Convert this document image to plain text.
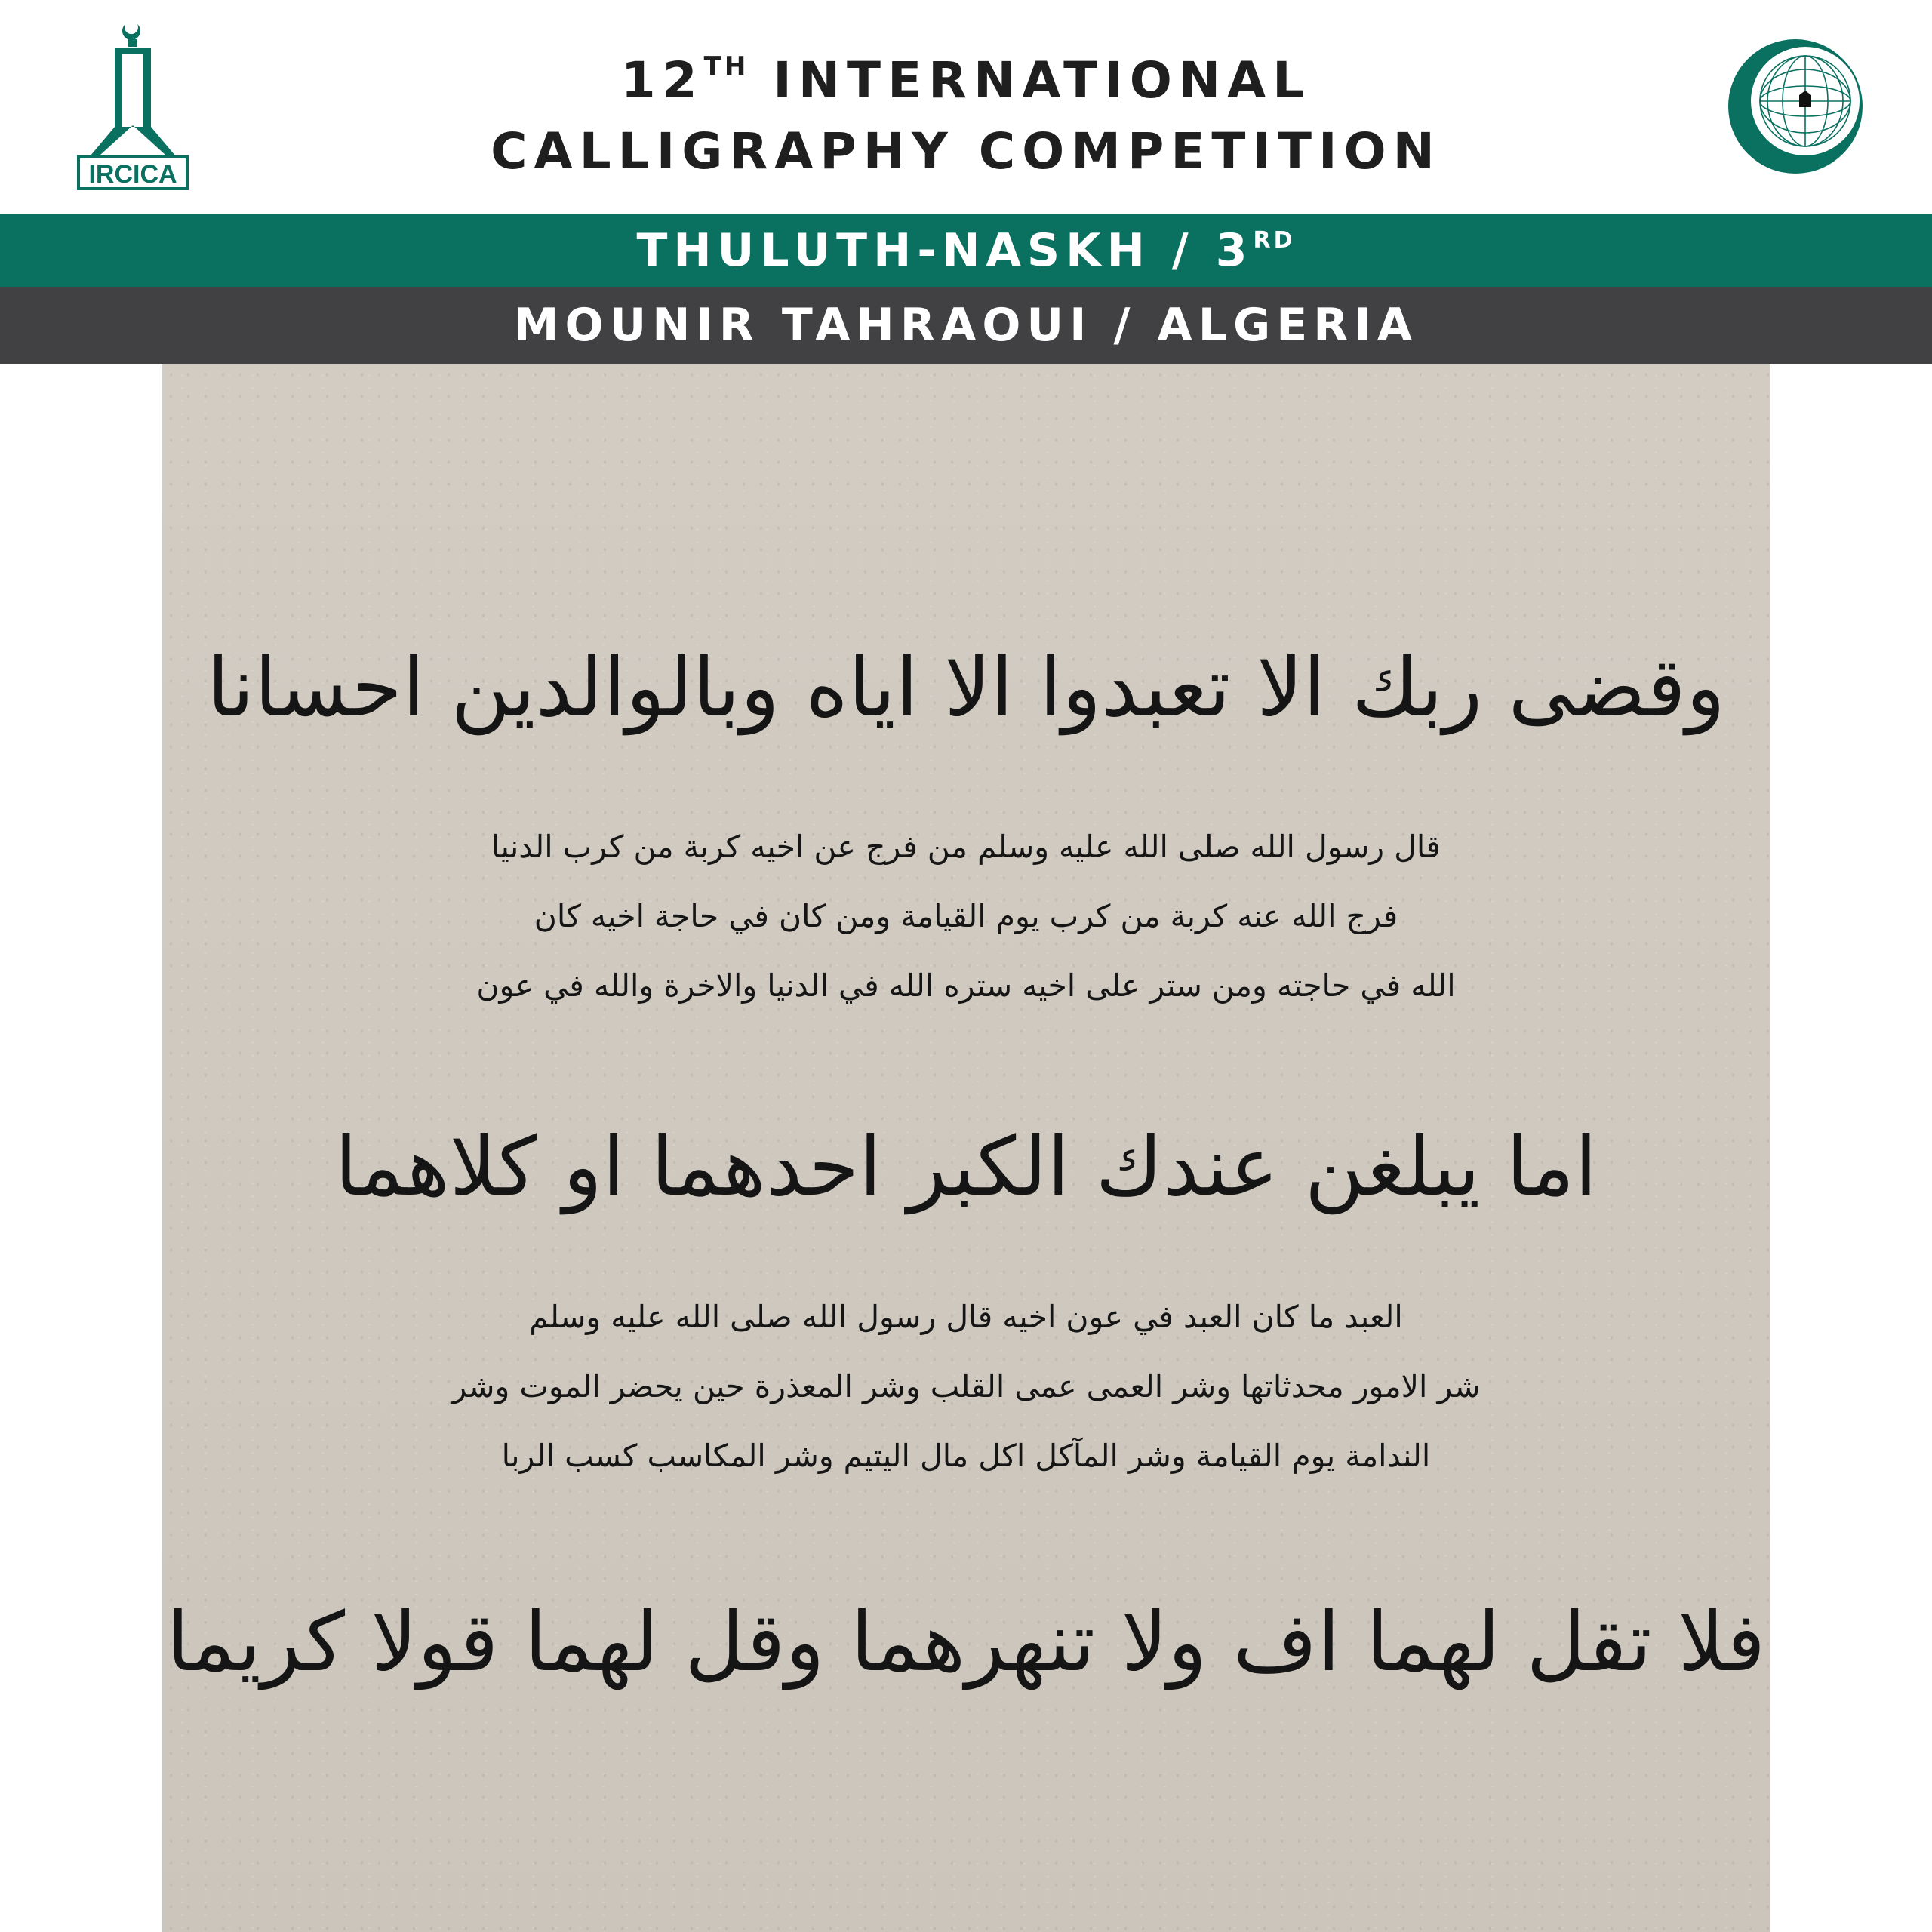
IRCICA
12TH INTERNATIONAL
CALLIGRAPHY COMPETITION
THULUTH-NASKH / 3RD
MOUNIR TAHRAOUI / ALGERIA
وقضى ربك الا تعبدوا الا اياه وبالوالدين احسانا
قال رسول الله صلى الله عليه وسلم من فرج عن اخيه كربة من كرب الدنيا
فرج الله عنه كربة من كرب يوم القيامة ومن كان في حاجة اخيه كان
الله في حاجته ومن ستر على اخيه ستره الله في الدنيا والاخرة والله في عون
اما يبلغن عندك الكبر احدهما او كلاهما
العبد ما كان العبد في عون اخيه قال رسول الله صلى الله عليه وسلم
شر الامور محدثاتها وشر العمى عمى القلب وشر المعذرة حين يحضر الموت وشر
الندامة يوم القيامة وشر المآكل اكل مال اليتيم وشر المكاسب كسب الربا
فلا تقل لهما اف ولا تنهرهما وقل لهما قولا كريما
